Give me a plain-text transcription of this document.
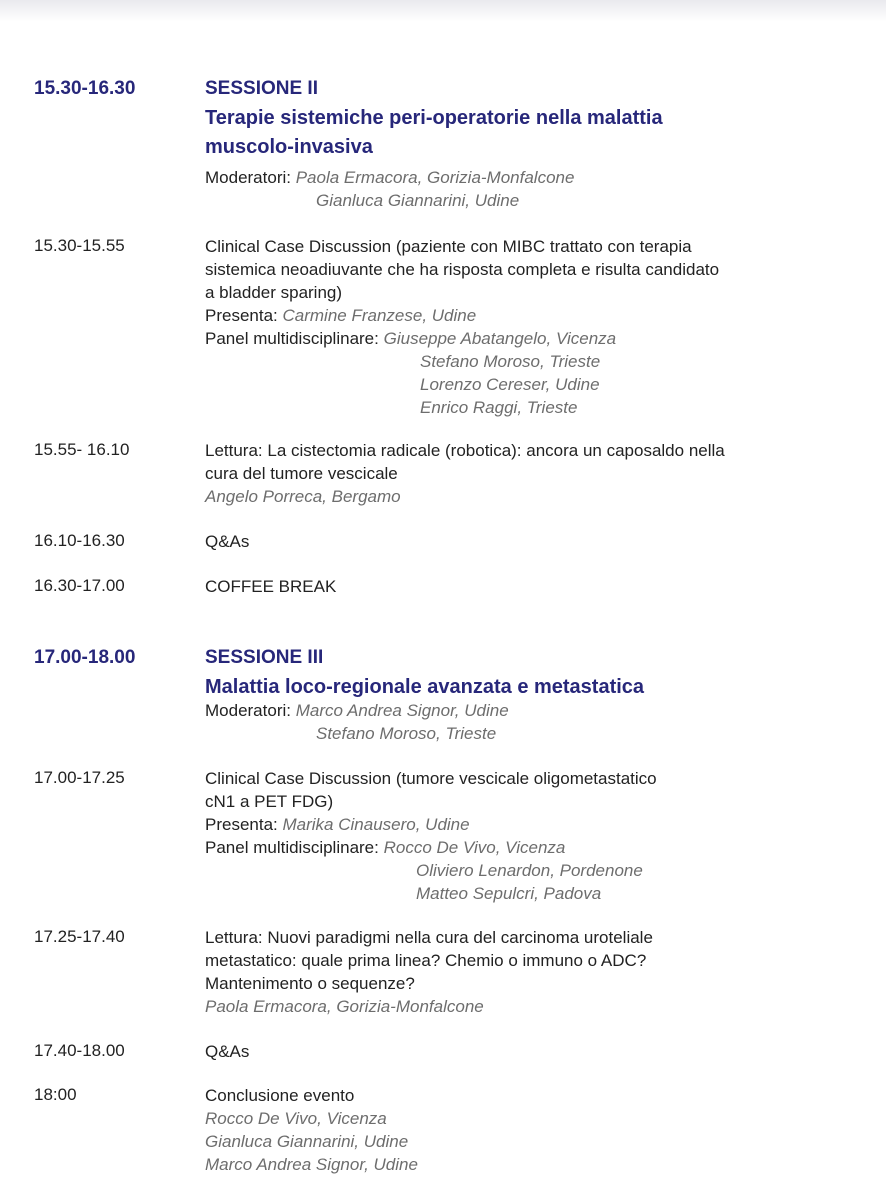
15.30-16.30	SESSIONE II
Terapie sistemiche peri-operatorie nella malattia
muscolo-invasiva
Moderatori: Paola Ermacora, Gorizia-Monfalcone
Gianluca Giannarini, Udine
15.30-15.55	Clinical Case Discussion (paziente con MIBC trattato con terapia
sistemica neoadiuvante che ha risposta completa e risulta candidato
a bladder sparing)
Presenta: Carmine Franzese, Udine
Panel multidisciplinare: Giuseppe Abatangelo, Vicenza
Stefano Moroso, Trieste
Lorenzo Cereser, Udine
Enrico Raggi, Trieste
15.55- 16.10	Lettura: La cistectomia radicale (robotica): ancora un caposaldo nella
cura del tumore vescicale
Angelo Porreca, Bergamo
16.10-16.30	Q&As
16.30-17.00	COFFEE BREAK
17.00-18.00	SESSIONE III
Malattia loco-regionale avanzata e metastatica
Moderatori: Marco Andrea Signor, Udine
Stefano Moroso, Trieste
17.00-17.25	Clinical Case Discussion (tumore vescicale oligometastatico
cN1 a PET FDG)
Presenta: Marika Cinausero, Udine
Panel multidisciplinare: Rocco De Vivo, Vicenza
Oliviero Lenardon, Pordenone
Matteo Sepulcri, Padova
17.25-17.40	Lettura: Nuovi paradigmi nella cura del carcinoma uroteliale
metastatico: quale prima linea? Chemio o immuno o ADC?
Mantenimento o sequenze?
Paola Ermacora, Gorizia-Monfalcone
17.40-18.00	Q&As
18:00	Conclusione evento
Rocco De Vivo, Vicenza
Gianluca Giannarini, Udine
Marco Andrea Signor, Udine
